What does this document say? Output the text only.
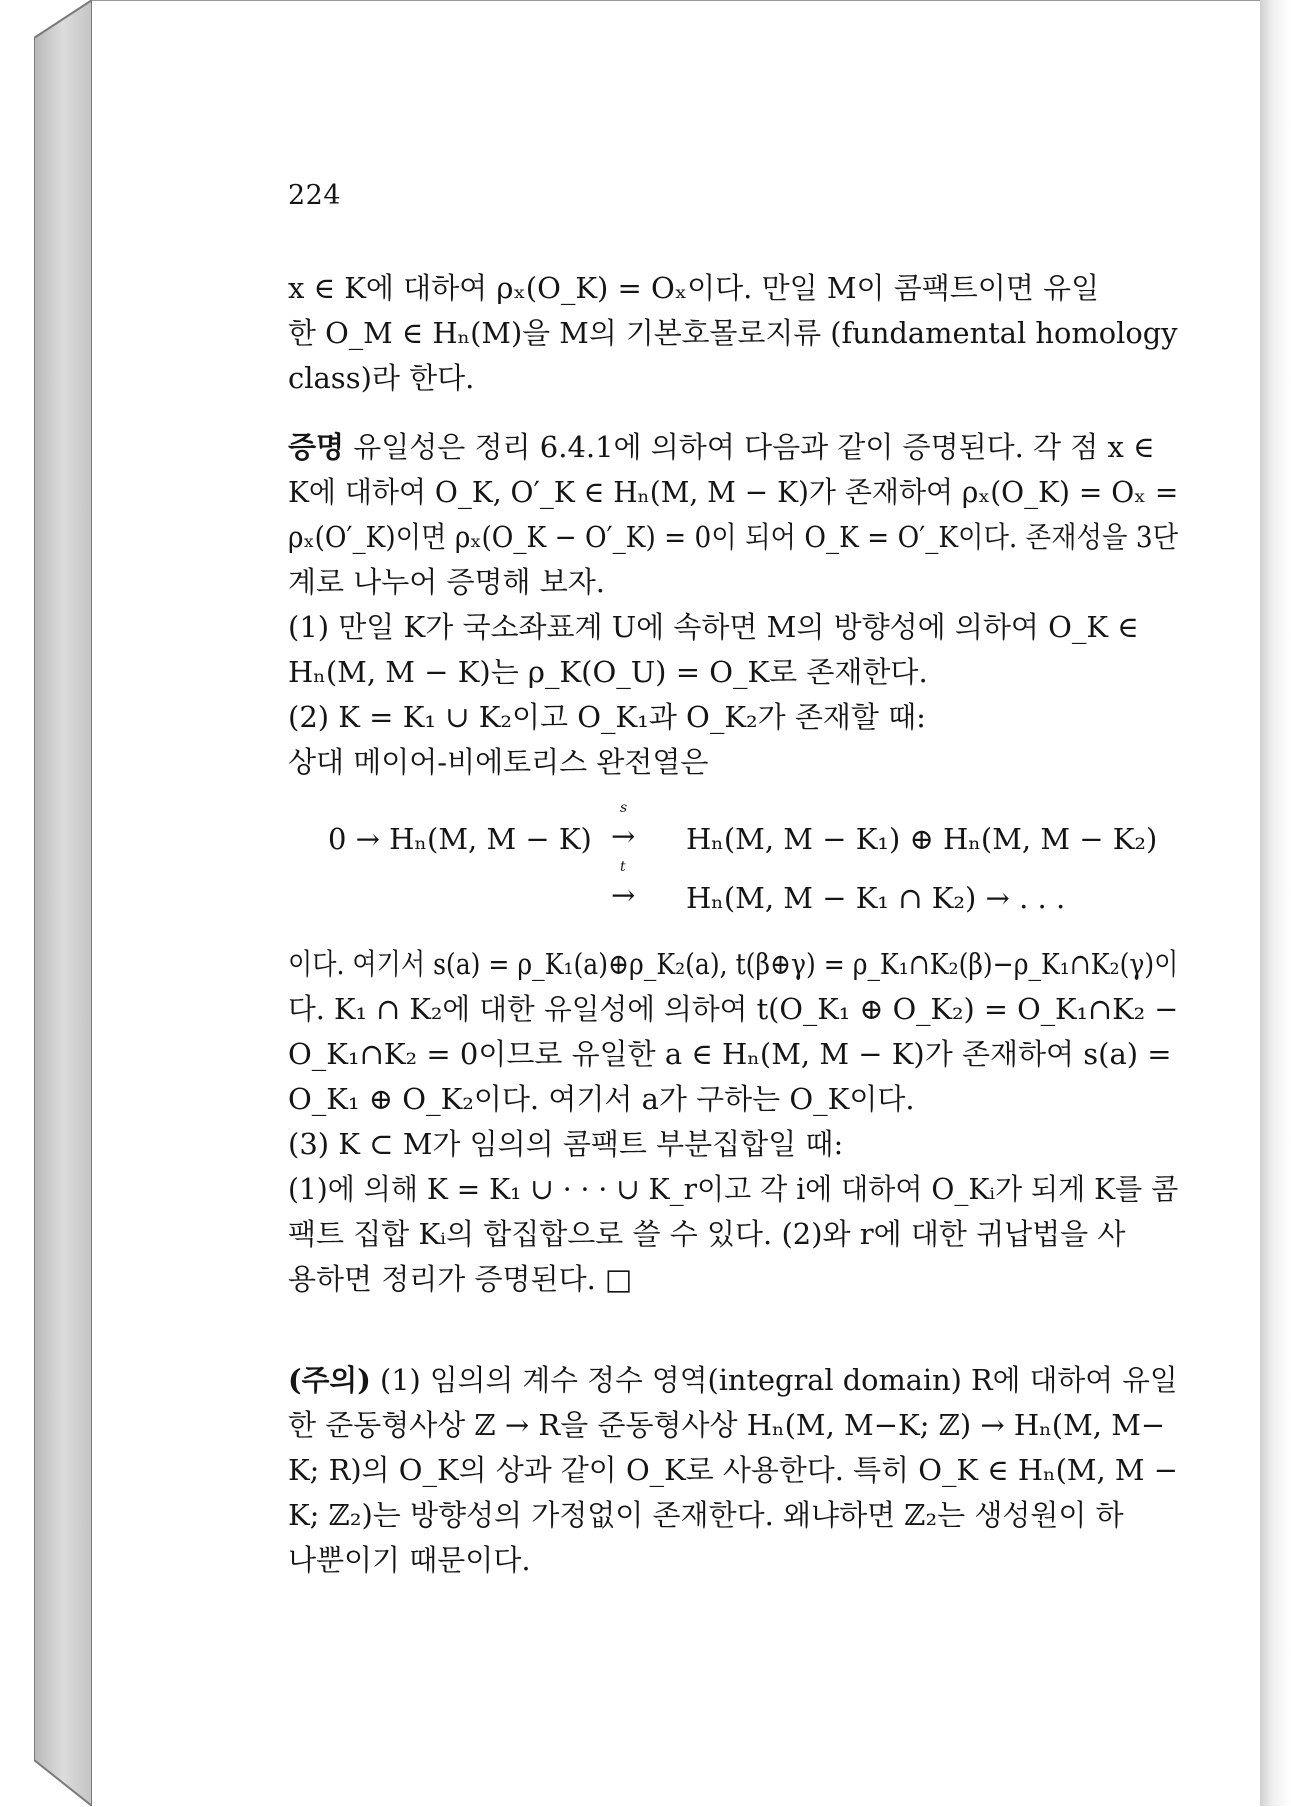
224
x ∈ K에 대하여 ρₓ(O_K) = Oₓ이다. 만일 M이 콤팩트이면 유일
한 O_M ∈ Hₙ(M)을 M의 기본호몰로지류 (fundamental homology
class)라 한다.
증명 유일성은 정리 6.4.1에 의하여 다음과 같이 증명된다. 각 점 x ∈
K에 대하여 O_K, O′_K ∈ Hₙ(M, M − K)가 존재하여 ρₓ(O_K) = Oₓ =
ρₓ(O′_K)이면 ρₓ(O_K − O′_K) = 0이 되어 O_K = O′_K이다. 존재성을 3단
계로 나누어 증명해 보자.
(1) 만일 K가 국소좌표계 U에 속하면 M의 방향성에 의하여 O_K ∈
Hₙ(M, M − K)는 ρ_K(O_U) = O_K로 존재한다.
(2) K = K₁ ∪ K₂이고 O_K₁과 O_K₂가 존재할 때:
상대 메이어-비에토리스 완전열은
0 → Hₙ(M, M − K)
s
→ Hₙ(M, M − K₁) ⊕ Hₙ(M, M − K₂)
t
→ Hₙ(M, M − K₁ ∩ K₂) → . . .
이다. 여기서 s(a) = ρ_K₁(a)⊕ρ_K₂(a), t(β⊕γ) = ρ_K₁∩K₂(β)−ρ_K₁∩K₂(γ)이
다. K₁ ∩ K₂에 대한 유일성에 의하여 t(O_K₁ ⊕ O_K₂) = O_K₁∩K₂ −
O_K₁∩K₂ = 0이므로 유일한 a ∈ Hₙ(M, M − K)가 존재하여 s(a) =
O_K₁ ⊕ O_K₂이다. 여기서 a가 구하는 O_K이다.
(3) K ⊂ M가 임의의 콤팩트 부분집합일 때:
(1)에 의해 K = K₁ ∪ · · · ∪ K_r이고 각 i에 대하여 O_Kᵢ가 되게 K를 콤
팩트 집합 Kᵢ의 합집합으로 쓸 수 있다. (2)와 r에 대한 귀납법을 사
용하면 정리가 증명된다. □
(주의) (1) 임의의 계수 정수 영역(integral domain) R에 대하여 유일
한 준동형사상 ℤ → R을 준동형사상 Hₙ(M, M−K; ℤ) → Hₙ(M, M−
K; R)의 O_K의 상과 같이 O_K로 사용한다. 특히 O_K ∈ Hₙ(M, M −
K; ℤ₂)는 방향성의 가정없이 존재한다. 왜냐하면 ℤ₂는 생성원이 하
나뿐이기 때문이다.
